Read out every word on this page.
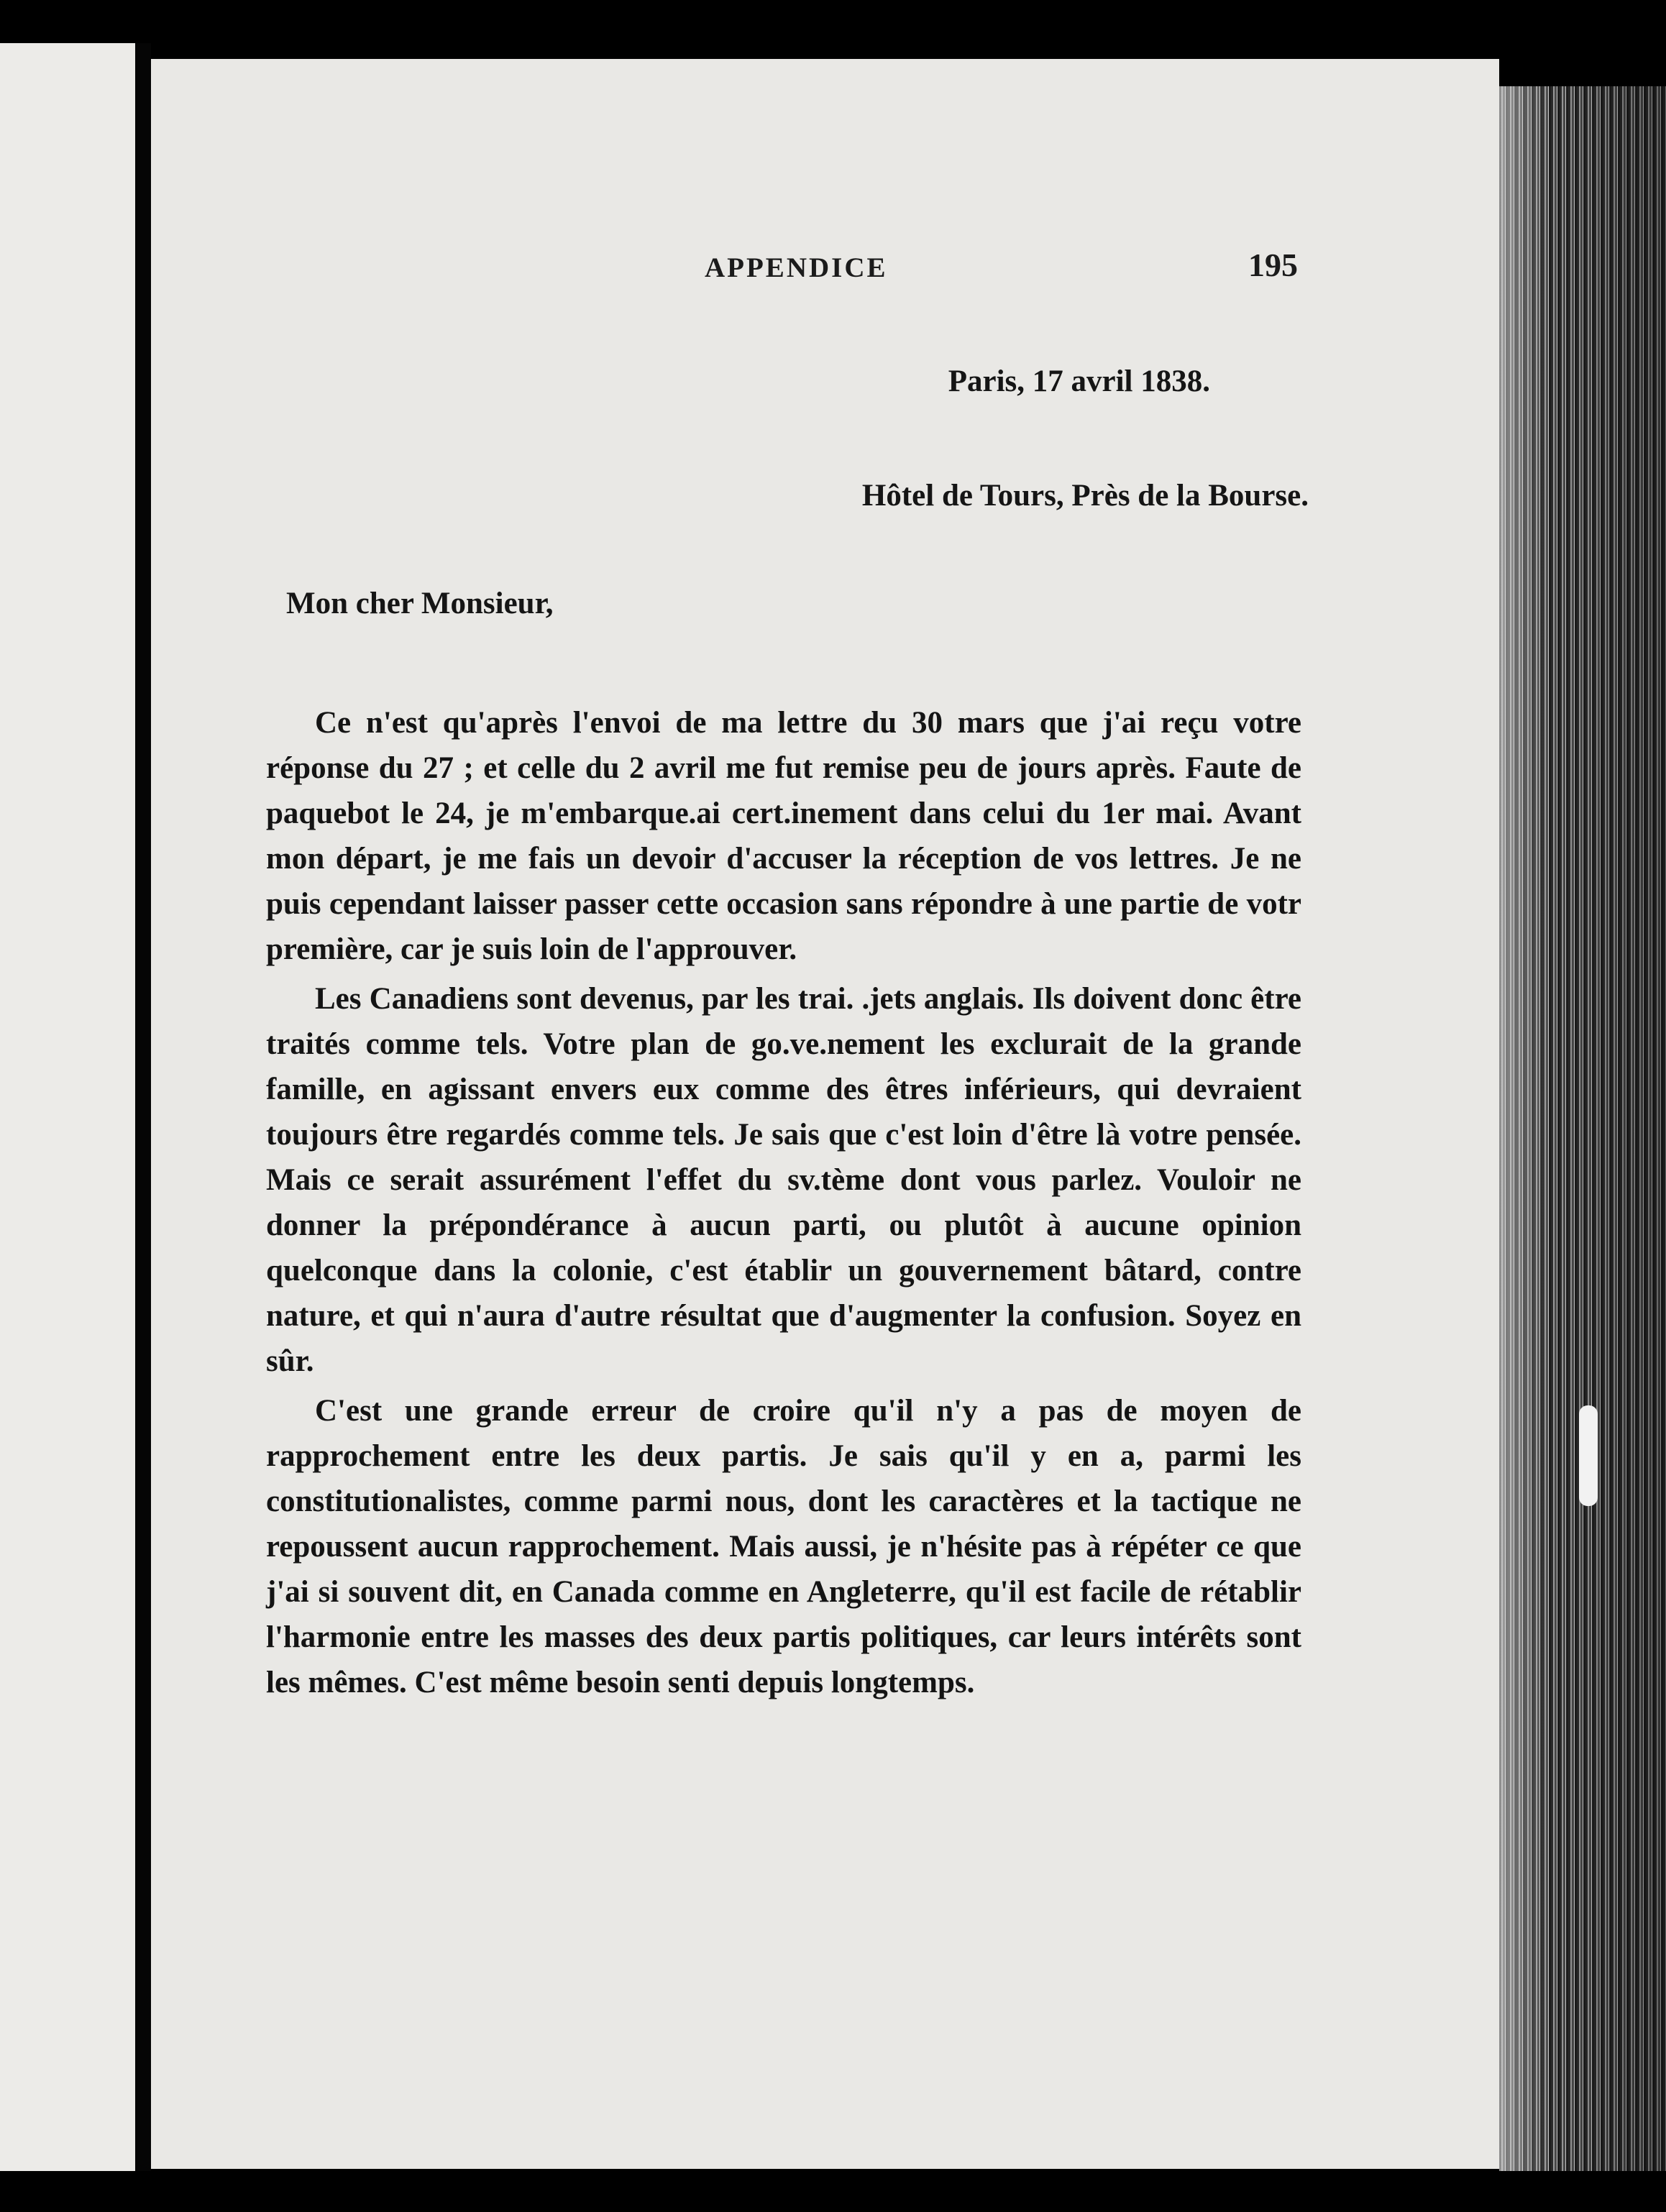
APPENDICE	195
Paris, 17 avril 1838.
Hôtel de Tours, Près de la Bourse.
Mon cher Monsieur,

Ce n'est qu'après l'envoi de ma lettre du 30 mars que j'ai reçu votre réponse du 27 ; et celle du 2 avril me fut remise peu de jours après. Faute de paquebot le 24, je m'embarque.ai cert.inement dans celui du 1er mai. Avant mon départ, je me fais un devoir d'accuser la réception de vos lettres. Je ne puis cependant laisser passer cette occasion sans répondre à une partie de votr première, car je suis loin de l'approuver.

Les Canadiens sont devenus, par les trai. .jets anglais. Ils doivent donc être traités comme tels. Votre plan de go.ve.nement les exclurait de la grande famille, en agissant envers eux comme des êtres inférieurs, qui devraient toujours être regardés comme tels. Je sais que c'est loin d'être là votre pensée. Mais ce serait assurément l'effet du sv.tème dont vous parlez. Vouloir ne donner la prépondérance à aucun parti, ou plutôt à aucune opinion quelconque dans la colonie, c'est établir un gouvernement bâtard, contre nature, et qui n'aura d'autre résultat que d'augmenter la confusion. Soyez en sûr.

C'est une grande erreur de croire qu'il n'y a pas de moyen de rapprochement entre les deux partis. Je sais qu'il y en a, parmi les constitutionalistes, comme parmi nous, dont les caractères et la tactique ne repoussent aucun rapprochement. Mais aussi, je n'hésite pas à répéter ce que j'ai si souvent dit, en Canada comme en Angleterre, qu'il est facile de rétablir l'harmonie entre les masses des deux partis politiques, car leurs intérêts sont les mêmes. C'est même besoin senti depuis longtemps.
